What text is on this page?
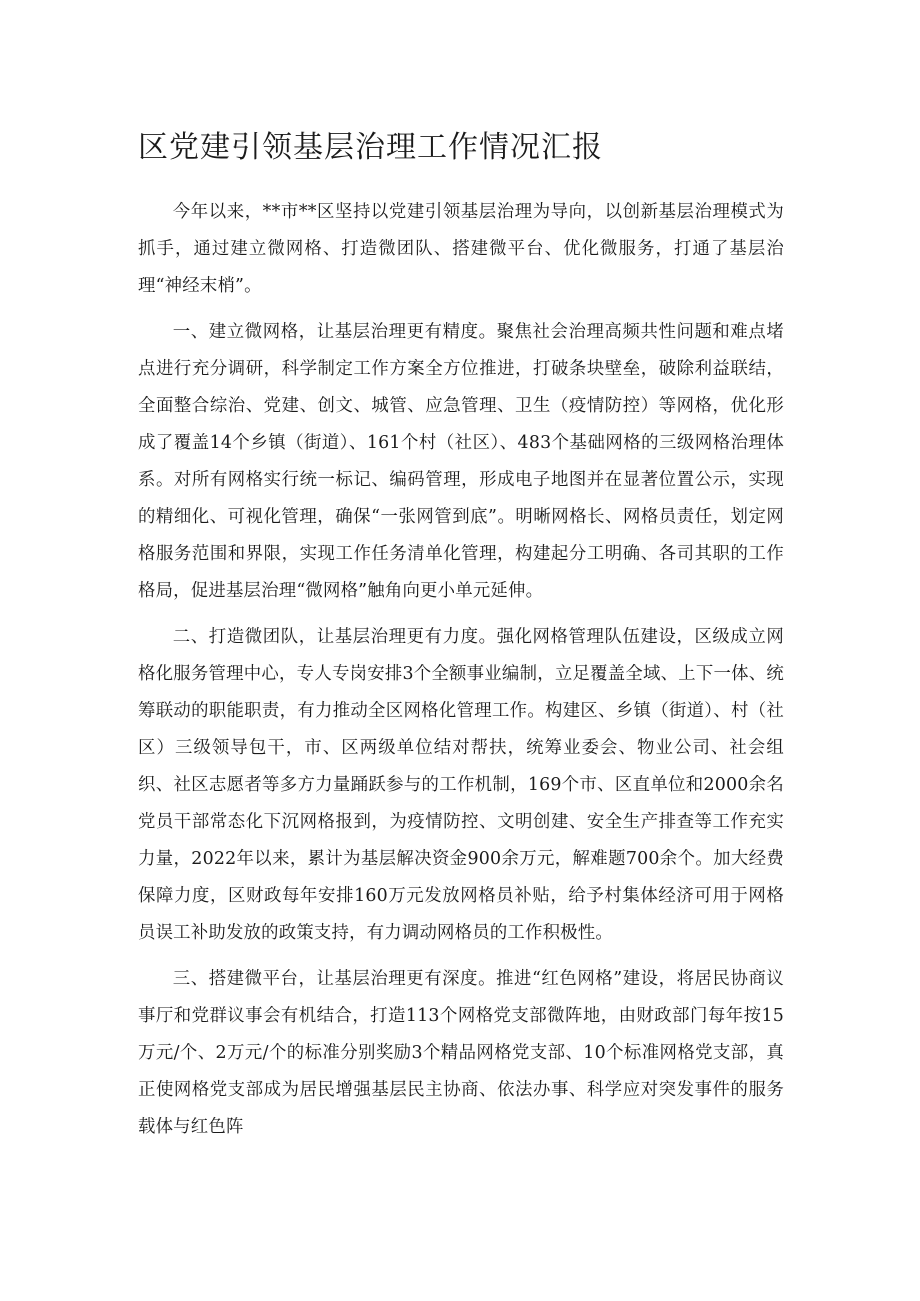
区党建引领基层治理工作情况汇报

今年以来，**市**区坚持以党建引领基层治理为导向，以创新基层治理模式为抓手，通过建立微网格、打造微团队、搭建微平台、优化微服务，打通了基层治理“神经末梢”。

一、建立微网格，让基层治理更有精度。聚焦社会治理高频共性问题和难点堵点进行充分调研，科学制定工作方案全方位推进，打破条块壁垒，破除利益联结，全面整合综治、党建、创文、城管、应急管理、卫生（疫情防控）等网格，优化形成了覆盖14个乡镇（街道）、161个村（社区）、483个基础网格的三级网格治理体系。对所有网格实行统一标记、编码管理，形成电子地图并在显著位置公示，实现的精细化、可视化管理，确保“一张网管到底”。明晰网格长、网格员责任，划定网格服务范围和界限，实现工作任务清单化管理，构建起分工明确、各司其职的工作格局，促进基层治理“微网格”触角向更小单元延伸。

二、打造微团队，让基层治理更有力度。强化网格管理队伍建设，区级成立网格化服务管理中心，专人专岗安排3个全额事业编制，立足覆盖全域、上下一体、统筹联动的职能职责，有力推动全区网格化管理工作。构建区、乡镇（街道）、村（社区）三级领导包干，市、区两级单位结对帮扶，统筹业委会、物业公司、社会组织、社区志愿者等多方力量踊跃参与的工作机制，169个市、区直单位和2000余名党员干部常态化下沉网格报到，为疫情防控、文明创建、安全生产排查等工作充实力量，2022年以来，累计为基层解决资金900余万元，解难题700余个。加大经费保障力度，区财政每年安排160万元发放网格员补贴，给予村集体经济可用于网格员误工补助发放的政策支持，有力调动网格员的工作积极性。

三、搭建微平台，让基层治理更有深度。推进“红色网格”建设，将居民协商议事厅和党群议事会有机结合，打造113个网格党支部微阵地，由财政部门每年按15万元/个、2万元/个的标准分别奖励3个精品网格党支部、10个标准网格党支部，真正使网格党支部成为居民增强基层民主协商、依法办事、科学应对突发事件的服务载体与红色阵
